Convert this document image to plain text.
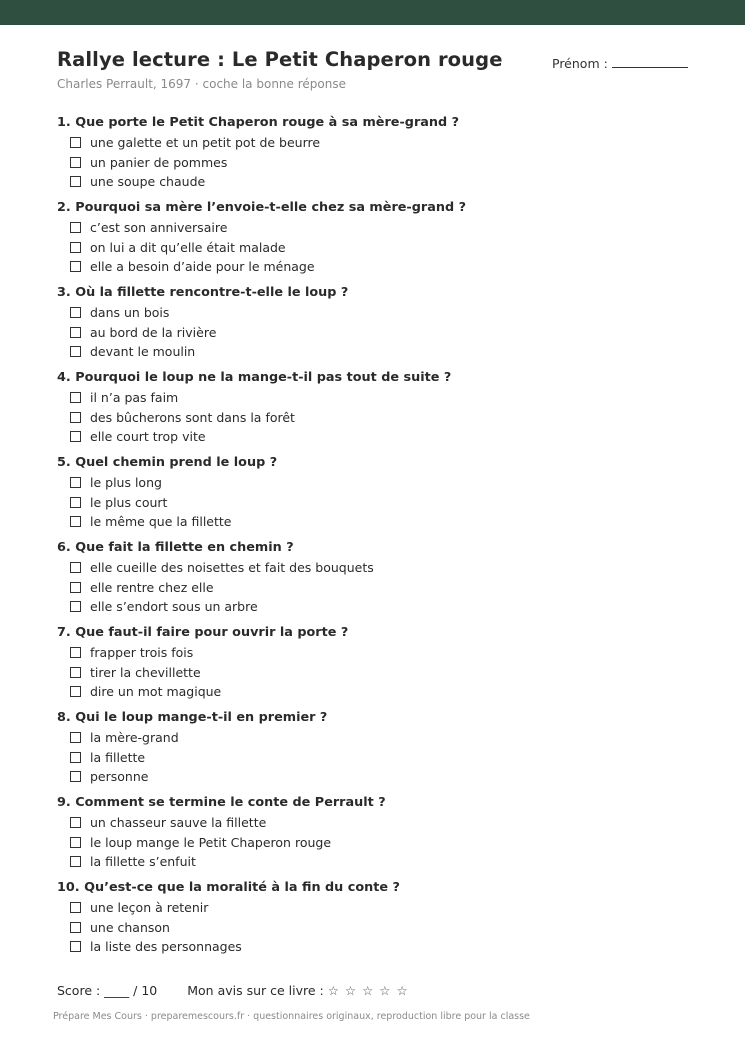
Rallye lecture : Le Petit Chaperon rouge
Charles Perrault, 1697 · coche la bonne réponse
Prénom :
1. Que porte le Petit Chaperon rouge à sa mère-grand ?
une galette et un petit pot de beurre
un panier de pommes
une soupe chaude
2. Pourquoi sa mère l’envoie-t-elle chez sa mère-grand ?
c’est son anniversaire
on lui a dit qu’elle était malade
elle a besoin d’aide pour le ménage
3. Où la fillette rencontre-t-elle le loup ?
dans un bois
au bord de la rivière
devant le moulin
4. Pourquoi le loup ne la mange-t-il pas tout de suite ?
il n’a pas faim
des bûcherons sont dans la forêt
elle court trop vite
5. Quel chemin prend le loup ?
le plus long
le plus court
le même que la fillette
6. Que fait la fillette en chemin ?
elle cueille des noisettes et fait des bouquets
elle rentre chez elle
elle s’endort sous un arbre
7. Que faut-il faire pour ouvrir la porte ?
frapper trois fois
tirer la chevillette
dire un mot magique
8. Qui le loup mange-t-il en premier ?
la mère-grand
la fillette
personne
9. Comment se termine le conte de Perrault ?
un chasseur sauve la fillette
le loup mange le Petit Chaperon rouge
la fillette s’enfuit
10. Qu’est-ce que la moralité à la fin du conte ?
une leçon à retenir
une chanson
la liste des personnages
Score : ____ / 10 Mon avis sur ce livre : ☆ ☆ ☆ ☆ ☆
Prépare Mes Cours · preparemescours.fr · questionnaires originaux, reproduction libre pour la classe
